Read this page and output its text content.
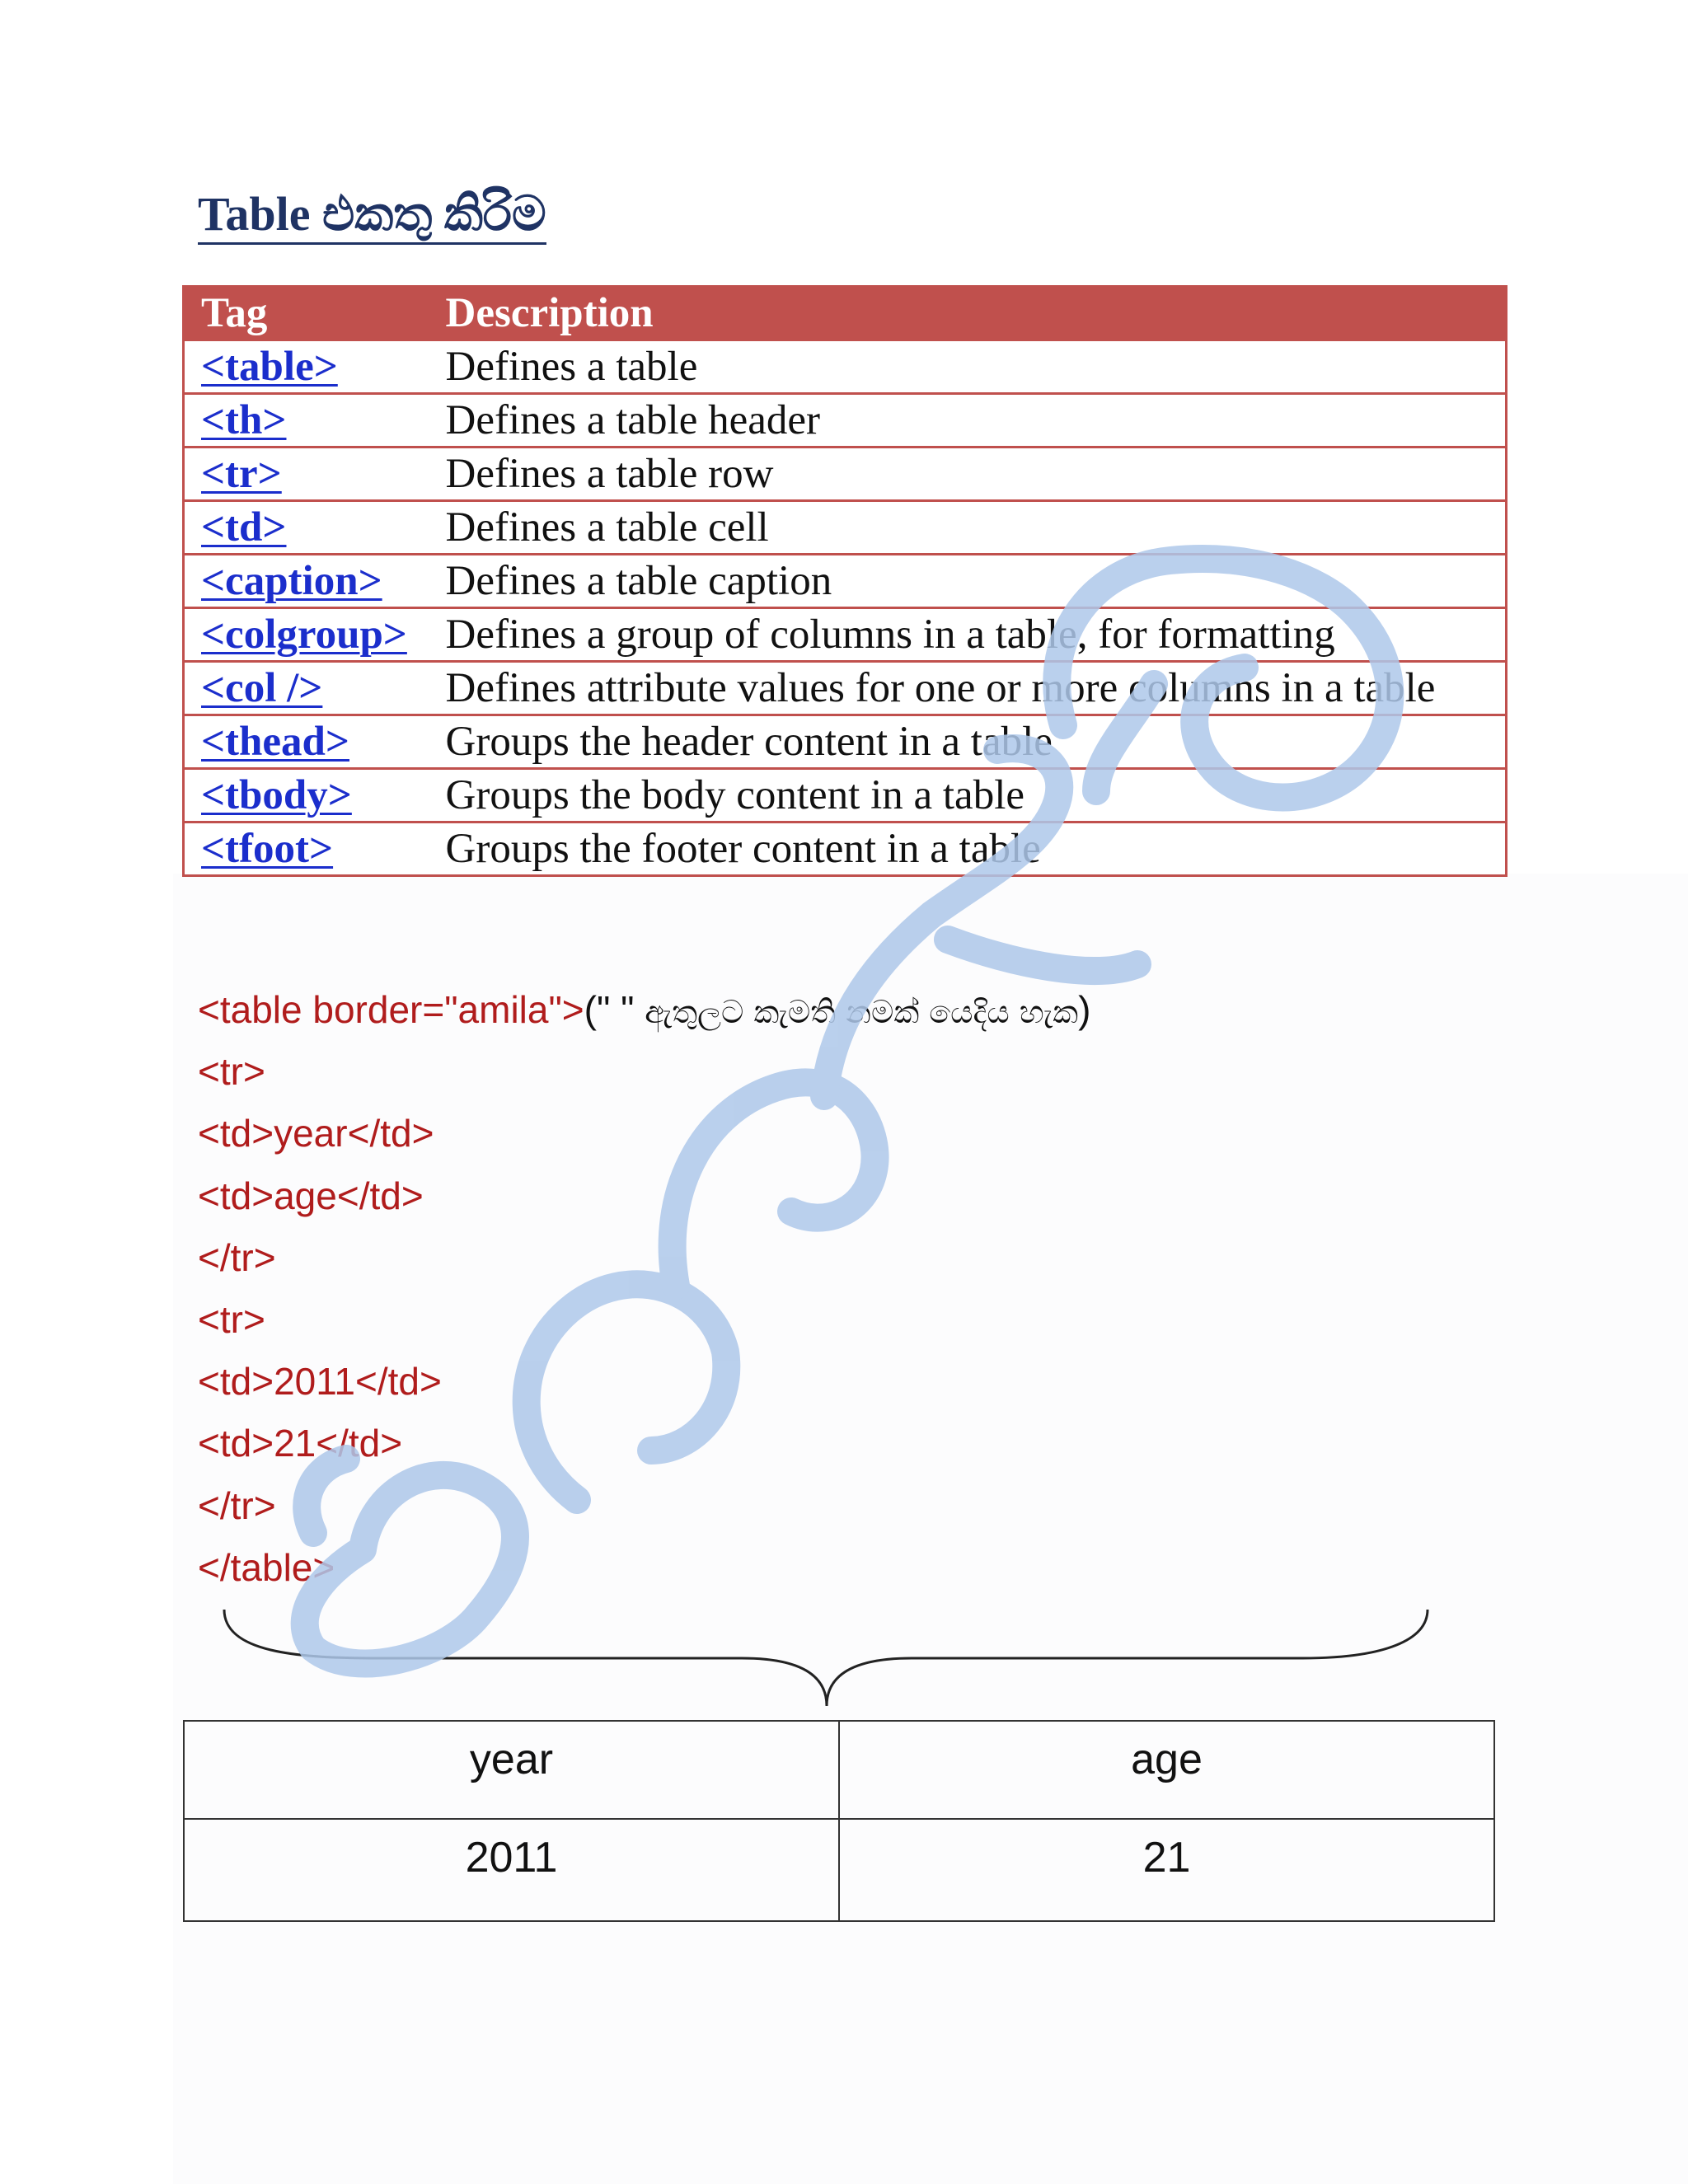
Table එකතු කිරිම
Tag	Description
<table>	Defines a table
<th>	Defines a table header
<tr>	Defines a table row
<td>	Defines a table cell
<caption>	Defines a table caption
<colgroup>	Defines a group of columns in a table, for formatting
<col />	Defines attribute values for one or more columns in a table
<thead>	Groups the header content in a table
<tbody>	Groups the body content in a table
<tfoot>	Groups the footer content in a table
<table border="amila">(" " ඇතුලට කැමති නමක් යෙදිය හැක)
<tr>
<td>year</td>
<td>age</td>
</tr>
<tr>
<td>2011</td>
<td>21</td>
</tr>
</table>
year	age
2011	21
